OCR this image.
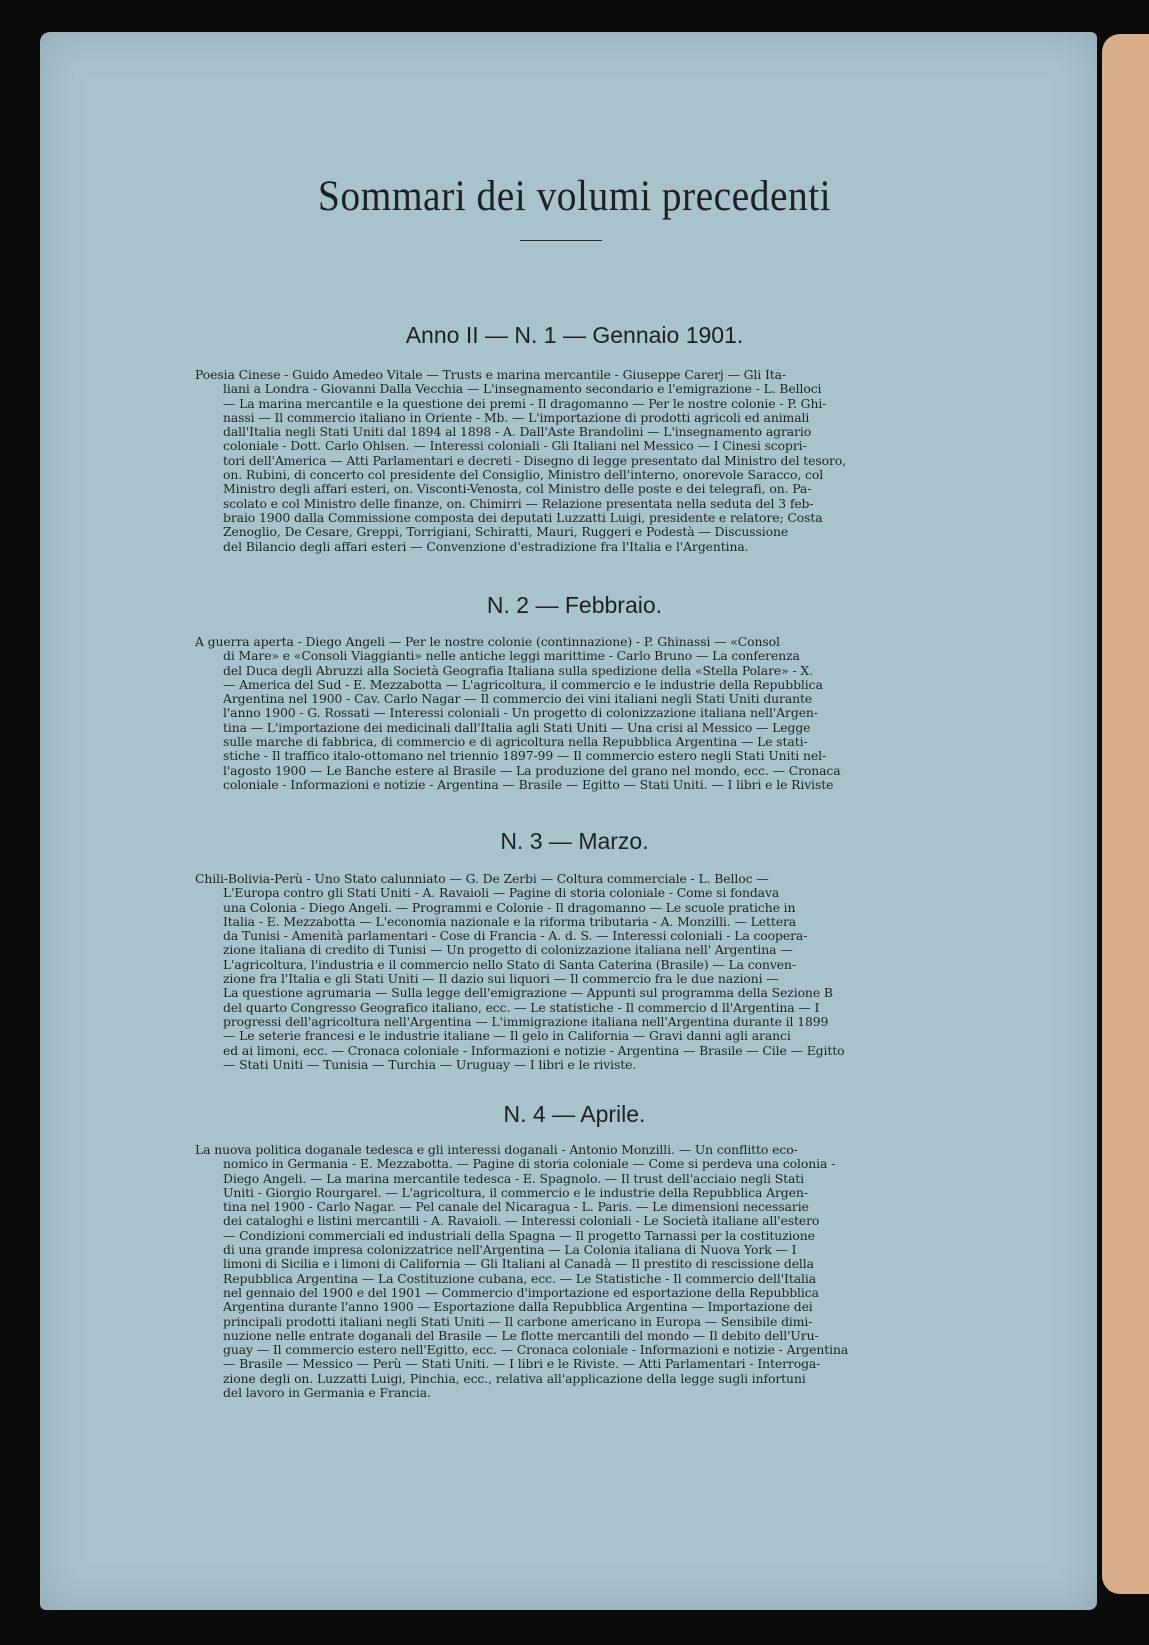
Sommari dei volumi precedenti
Anno II — N. 1 — Gennaio 1901.
Poesia Cinese - Guido Amedeo Vitale — Trusts e marina mercantile - Giuseppe Carerj — Gli Ita-
liani a Londra - Giovanni Dalla Vecchia — L'insegnamento secondario e l'emigrazione - L. Belloci
— La marina mercantile e la questione dei premi - Il dragomanno — Per le nostre colonie - P. Ghi-
nassi — Il commercio italiano in Oriente - Mb. — L'importazione di prodotti agricoli ed animali
dall'Italia negli Stati Uniti dal 1894 al 1898 - A. Dall'Aste Brandolini — L'insegnamento agrario
coloniale - Dott. Carlo Ohlsen. — Interessi coloniali - Gli Italiani nel Messico — I Cinesi scopri-
tori dell'America — Atti Parlamentari e decreti - Disegno di legge presentato dal Ministro del tesoro,
on. Rubini, di concerto col presidente del Consiglio, Ministro dell'interno, onorevole Saracco, col
Ministro degli affari esteri, on. Visconti-Venosta, col Ministro delle poste e dei telegrafi, on. Pa-
scolato e col Ministro delle finanze, on. Chimirri — Relazione presentata nella seduta del 3 feb-
braio 1900 dalla Commissione composta dei deputati Luzzatti Luigi, presidente e relatore; Costa
Zenoglio, De Cesare, Greppi, Torrigiani, Schiratti, Mauri, Ruggeri e Podestà — Discussione
del Bilancio degli affari esteri — Convenzione d'estradizione fra l'Italia e l'Argentina.
N. 2 — Febbraio.
A guerra aperta - Diego Angeli — Per le nostre colonie (continnazione) - P. Ghinassi — «Consol
di Mare» e «Consoli Viaggianti» nelle antiche leggi marittime - Carlo Bruno — La conferenza
del Duca degli Abruzzi alla Società Geografia Italiana sulla spedizione della «Stella Polare» - X.
— America del Sud - E. Mezzabotta — L'agricoltura, il commercio e le industrie della Repubblica
Argentina nel 1900 - Cav. Carlo Nagar — Il commercio dei vini italiani negli Stati Uniti durante
l'anno 1900 - G. Rossati — Interessi coloniali - Un progetto di colonizzazione italiana nell'Argen-
tina — L'importazione dei medicinali dall'Italia agli Stati Uniti — Una crisi al Messico — Legge
sulle marche di fabbrica, di commercio e di agricoltura nella Repubblica Argentina — Le stati-
stiche - Il traffico italo-ottomano nel triennio 1897-99 — Il commercio estero negli Stati Uniti nel-
l'agosto 1900 — Le Banche estere al Brasile — La produzione del grano nel mondo, ecc. — Cronaca
coloniale - Informazioni e notizie - Argentina — Brasile — Egitto — Stati Uniti. — I libri e le Riviste
N. 3 — Marzo.
Chili-Bolivia-Perù - Uno Stato calunniato — G. De Zerbi — Coltura commerciale - L. Belloc —
L'Europa contro gli Stati Uniti - A. Ravaioli — Pagine di storia coloniale - Come si fondava
una Colonia - Diego Angeli. — Programmi e Colonie - Il dragomanno — Le scuole pratiche in
Italia - E. Mezzabotta — L'economia nazionale e la riforma tributaria - A. Monzilli. — Lettera
da Tunisi - Amenità parlamentari - Cose di Francia - A. d. S. — Interessi coloniali - La coopera-
zione italiana di credito di Tunisi — Un progetto di colonizzazione italiana nell' Argentina —
L'agricoltura, l'industria e il commercio nello Stato di Santa Caterina (Brasile) — La conven-
zione fra l'Italia e gli Stati Uniti — Il dazio sui liquori — Il commercio fra le due nazioni —
La questione agrumaria — Sulla legge dell'emigrazione — Appunti sul programma della Sezione B
del quarto Congresso Geografico italiano, ecc. — Le statistiche - Il commercio d ll'Argentina — I
progressi dell'agricoltura nell'Argentina — L'immigrazione italiana nell'Argentina durante il 1899
— Le seterie francesi e le industrie italiane — Il gelo in California — Gravi danni agli aranci
ed ai limoni, ecc. — Cronaca coloniale - Informazioni e notizie - Argentina — Brasile — Cile — Egitto
— Stati Uniti — Tunisia — Turchia — Uruguay — I libri e le riviste.
N. 4 — Aprile.
La nuova politica doganale tedesca e gli interessi doganali - Antonio Monzilli. — Un conflitto eco-
nomico in Germania - E. Mezzabotta. — Pagine di storia coloniale — Come si perdeva una colonia -
Diego Angeli. — La marina mercantile tedesca - E. Spagnolo. — Il trust dell'acciaio negli Stati
Uniti - Giorgio Rourgarel. — L'agricoltura, il commercio e le industrie della Repubblica Argen-
tina nel 1900 - Carlo Nagar. — Pel canale del Nicaragua - L. Paris. — Le dimensioni necessarie
dei cataloghi e listini mercantili - A. Ravaioli. — Interessi coloniali - Le Società italiane all'estero
— Condizioni commerciali ed industriali della Spagna — Il progetto Tarnassi per la costituzione
di una grande impresa colonizzatrice nell'Argentina — La Colonia italiana di Nuova York — I
limoni di Sicilia e i limoni di California — Gli Italiani al Canadà — Il prestito di rescissione della
Repubblica Argentina — La Costituzione cubana, ecc. — Le Statistiche - Il commercio dell'Italia
nel gennaio del 1900 e del 1901 — Commercio d'importazione ed esportazione della Repubblica
Argentina durante l'anno 1900 — Esportazione dalla Repubblica Argentina — Importazione dei
principali prodotti italiani negli Stati Uniti — Il carbone americano in Europa — Sensibile dimi-
nuzione nelle entrate doganali del Brasile — Le flotte mercantili del mondo — Il debito dell'Uru-
guay — Il commercio estero nell'Egitto, ecc. — Cronaca coloniale - Informazioni e notizie - Argentina
— Brasile — Messico — Perù — Stati Uniti. — I libri e le Riviste. — Atti Parlamentari - Interroga-
zione degli on. Luzzatti Luigi, Pinchia, ecc., relativa all'applicazione della legge sugli infortuni
del lavoro in Germania e Francia.
